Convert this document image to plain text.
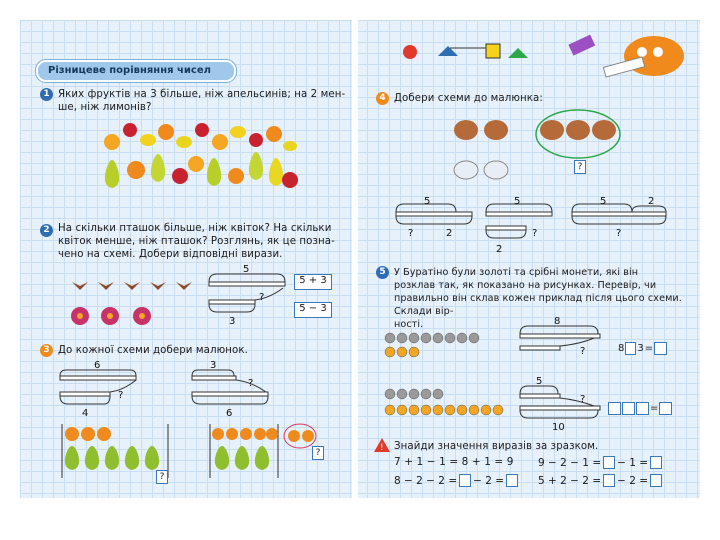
Різницеве порівняння чисел
1 Яких фруктів на 3 більше, ніж апельсинів; на 2 мен-
ше, ніж лимонів?
2 На скільки пташок більше, ніж квіток? На скільки
квіток менше, ніж пташок? Розглянь, як це позна-
чено на схемі. Добери відповідні вирази.
5
3
?
5 + 3
5 − 3
3 До кожної схеми добери малюнок.
6
4
?
3
6
?
?
?
4 Добери схеми до малюнка:
?
5
?	2
5
?
2
5	2
?
5 У Буратіно були золоті та срібні монети, які він
розклав так, як показано на рисунках. Перевір, чи
правильно він склав кожен приклад після цього схеми. Склади вір-
ності.	8
?	8 3 =
5
10
?
=
! Знайди значення виразів за зразком.
7 + 1 − 1 = 8 + 1 = 9 9 − 2 − 1 = − 1 =
8 − 2 − 2 = − 2 =	5 + 2 − 2 = − 2 =
